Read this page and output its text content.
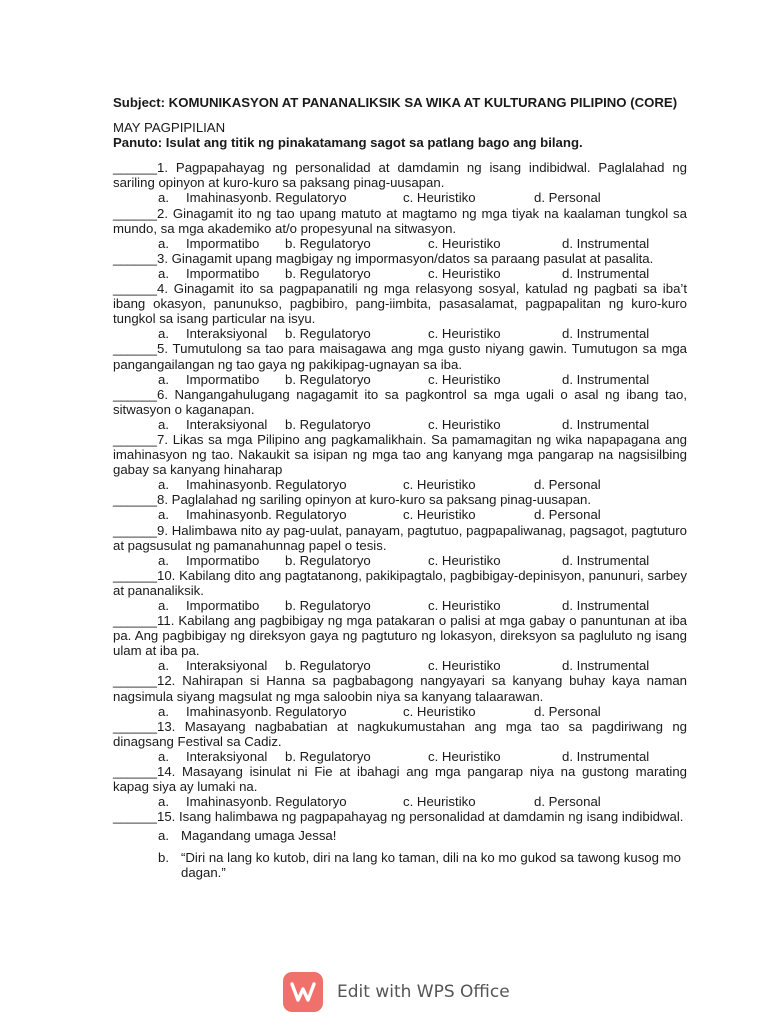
Subject: KOMUNIKASYON AT PANANALIKSIK SA WIKA AT KULTURANG PILIPINO (CORE)

MAY PAGPIPILIAN

Panuto: Isulat ang titik ng pinakatamang sagot sa patlang bago ang bilang.

______1. Pagpapahayag ng personalidad at damdamin ng isang indibidwal. Paglalahad ng sariling opinyon at kuro-kuro sa paksang pinag-uusapan.

a. Imahinasyonb. Regulatoryo	c. Heuristiko	d. Personal

______2. Ginagamit ito ng tao upang matuto at magtamo ng mga tiyak na kaalaman tungkol sa mundo, sa mga akademiko at/o propesyunal na sitwasyon.

a. Impormatibo b. Regulatoryo	c. Heuristiko	d. Instrumental

______3. Ginagamit upang magbigay ng impormasyon/datos sa paraang pasulat at pasalita.

a. Impormatibo b. Regulatoryo	c. Heuristiko	d. Instrumental

______4. Ginagamit ito sa pagpapanatili ng mga relasyong sosyal, katulad ng pagbati sa iba’t ibang okasyon, panunukso, pagbibiro, pang-iimbita, pasasalamat, pagpapalitan ng kuro-kuro tungkol sa isang particular na isyu.

a. Interaksiyonal b. Regulatoryo	c. Heuristiko	d. Instrumental

______5. Tumutulong sa tao para maisagawa ang mga gusto niyang gawin. Tumutugon sa mga pangangailangan ng tao gaya ng pakikipag-ugnayan sa iba.

a. Impormatibo b. Regulatoryo	c. Heuristiko	d. Instrumental

______6. Nangangahulugang nagagamit ito sa pagkontrol sa mga ugali o asal ng ibang tao, sitwasyon o kaganapan.

a. Interaksiyonal b. Regulatoryo	c. Heuristiko	d. Instrumental

______7. Likas sa mga Pilipino ang pagkamalikhain. Sa pamamagitan ng wika napapagana ang imahinasyon ng tao. Nakaukit sa isipan ng mga tao ang kanyang mga pangarap na nagsisilbing gabay sa kanyang hinaharap

a. Imahinasyonb. Regulatoryo	c. Heuristiko	d. Personal

______8. Paglalahad ng sariling opinyon at kuro-kuro sa paksang pinag-uusapan.

a. Imahinasyonb. Regulatoryo	c. Heuristiko	d. Personal

______9. Halimbawa nito ay pag-uulat, panayam, pagtutuo, pagpapaliwanag, pagsagot, pagtuturo at pagsusulat ng pamanahunnag papel o tesis.

a. Impormatibo b. Regulatoryo	c. Heuristiko	d. Instrumental

______10. Kabilang dito ang pagtatanong, pakikipagtalo, pagbibigay-depinisyon, panunuri, sarbey at pananaliksik.

a. Impormatibo b. Regulatoryo	c. Heuristiko	d. Instrumental

______11. Kabilang ang pagbibigay ng mga patakaran o palisi at mga gabay o panuntunan at iba pa. Ang pagbibigay ng direksyon gaya ng pagtuturo ng lokasyon, direksyon sa pagluluto ng isang ulam at iba pa.

a. Interaksiyonal b. Regulatoryo	c. Heuristiko	d. Instrumental

______12. Nahirapan si Hanna sa pagbabagong nangyayari sa kanyang buhay kaya naman nagsimula siyang magsulat ng mga saloobin niya sa kanyang talaarawan.

a. Imahinasyonb. Regulatoryo	c. Heuristiko	d. Personal

______13. Masayang nagbabatian at nagkukumustahan ang mga tao sa pagdiriwang ng dinagsang Festival sa Cadiz.

a. Interaksiyonal b. Regulatoryo	c. Heuristiko	d. Instrumental

______14. Masayang isinulat ni Fie at ibahagi ang mga pangarap niya na gustong marating kapag siya ay lumaki na.

a. Imahinasyonb. Regulatoryo	c. Heuristiko	d. Personal

______15. Isang halimbawa ng pagpapahayag ng personalidad at damdamin ng isang indibidwal.

a. Magandang umaga Jessa!

b. “Diri na lang ko kutob, diri na lang ko taman, dili na ko mo gukod sa tawong kusog mo dagan.”

Edit with WPS Office
